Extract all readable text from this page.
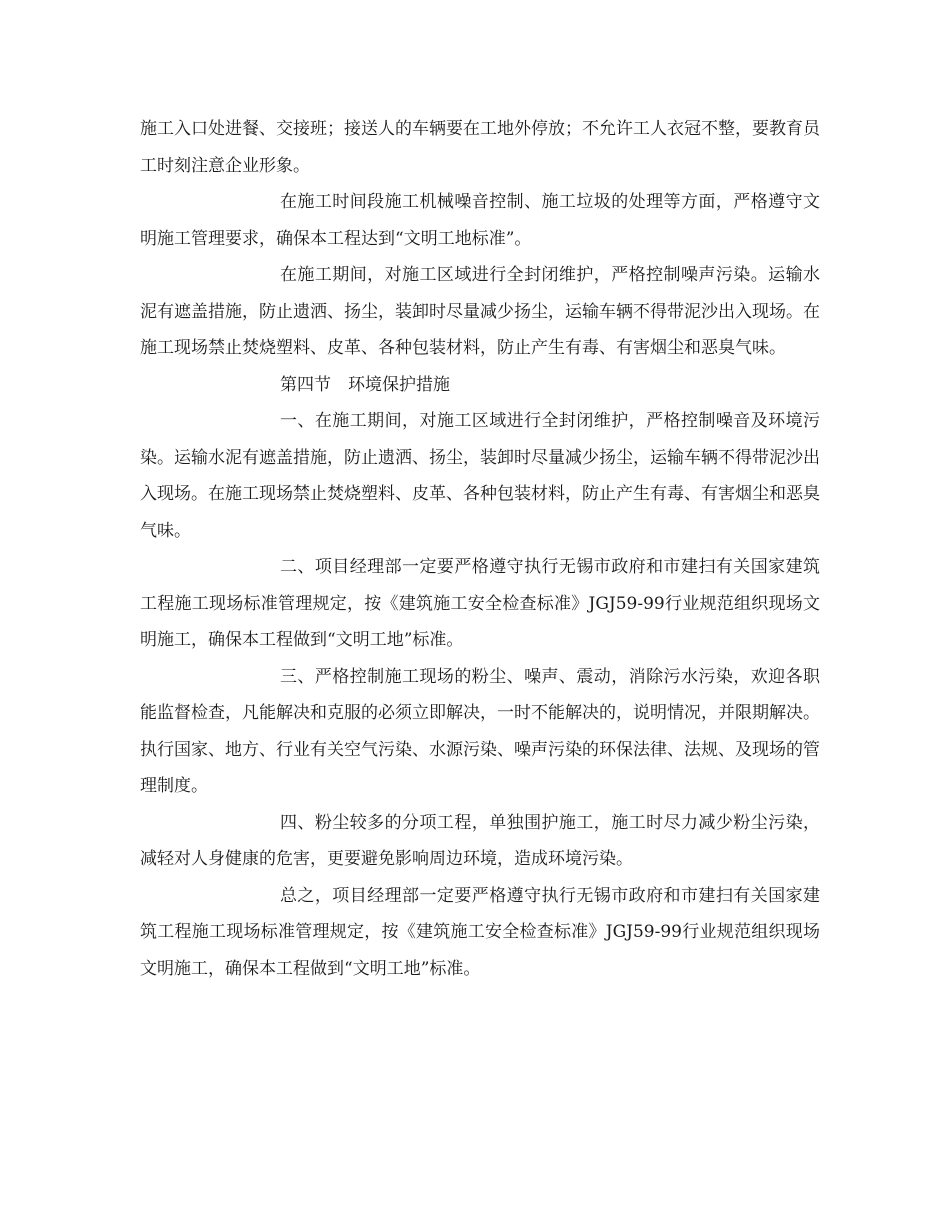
施工入口处进餐、交接班；接送人的车辆要在工地外停放；不允许工人衣冠不整，要教育员工时刻注意企业形象。

在施工时间段施工机械噪音控制、施工垃圾的处理等方面，严格遵守文明施工管理要求，确保本工程达到“文明工地标准”。

在施工期间，对施工区域进行全封闭维护，严格控制噪声污染。运输水泥有遮盖措施，防止遗洒、扬尘，装卸时尽量减少扬尘，运输车辆不得带泥沙出入现场。在施工现场禁止焚烧塑料、皮革、各种包装材料，防止产生有毒、有害烟尘和恶臭气味。

第四节　环境保护措施

一、在施工期间，对施工区域进行全封闭维护，严格控制噪音及环境污染。运输水泥有遮盖措施，防止遗洒、扬尘，装卸时尽量减少扬尘，运输车辆不得带泥沙出入现场。在施工现场禁止焚烧塑料、皮革、各种包装材料，防止产生有毒、有害烟尘和恶臭气味。

二、项目经理部一定要严格遵守执行无锡市政府和市建扫有关国家建筑工程施工现场标准管理规定，按《建筑施工安全检查标准》JGJ59-99行业规范组织现场文明施工，确保本工程做到“文明工地”标准。

三、严格控制施工现场的粉尘、噪声、震动，消除污水污染，欢迎各职能监督检查，凡能解决和克服的必须立即解决，一时不能解决的，说明情况，并限期解决。执行国家、地方、行业有关空气污染、水源污染、噪声污染的环保法律、法规、及现场的管理制度。

四、粉尘较多的分项工程，单独围护施工，施工时尽力减少粉尘污染，减轻对人身健康的危害，更要避免影响周边环境，造成环境污染。

总之，项目经理部一定要严格遵守执行无锡市政府和市建扫有关国家建筑工程施工现场标准管理规定，按《建筑施工安全检查标准》JGJ59-99行业规范组织现场文明施工，确保本工程做到“文明工地”标准。
